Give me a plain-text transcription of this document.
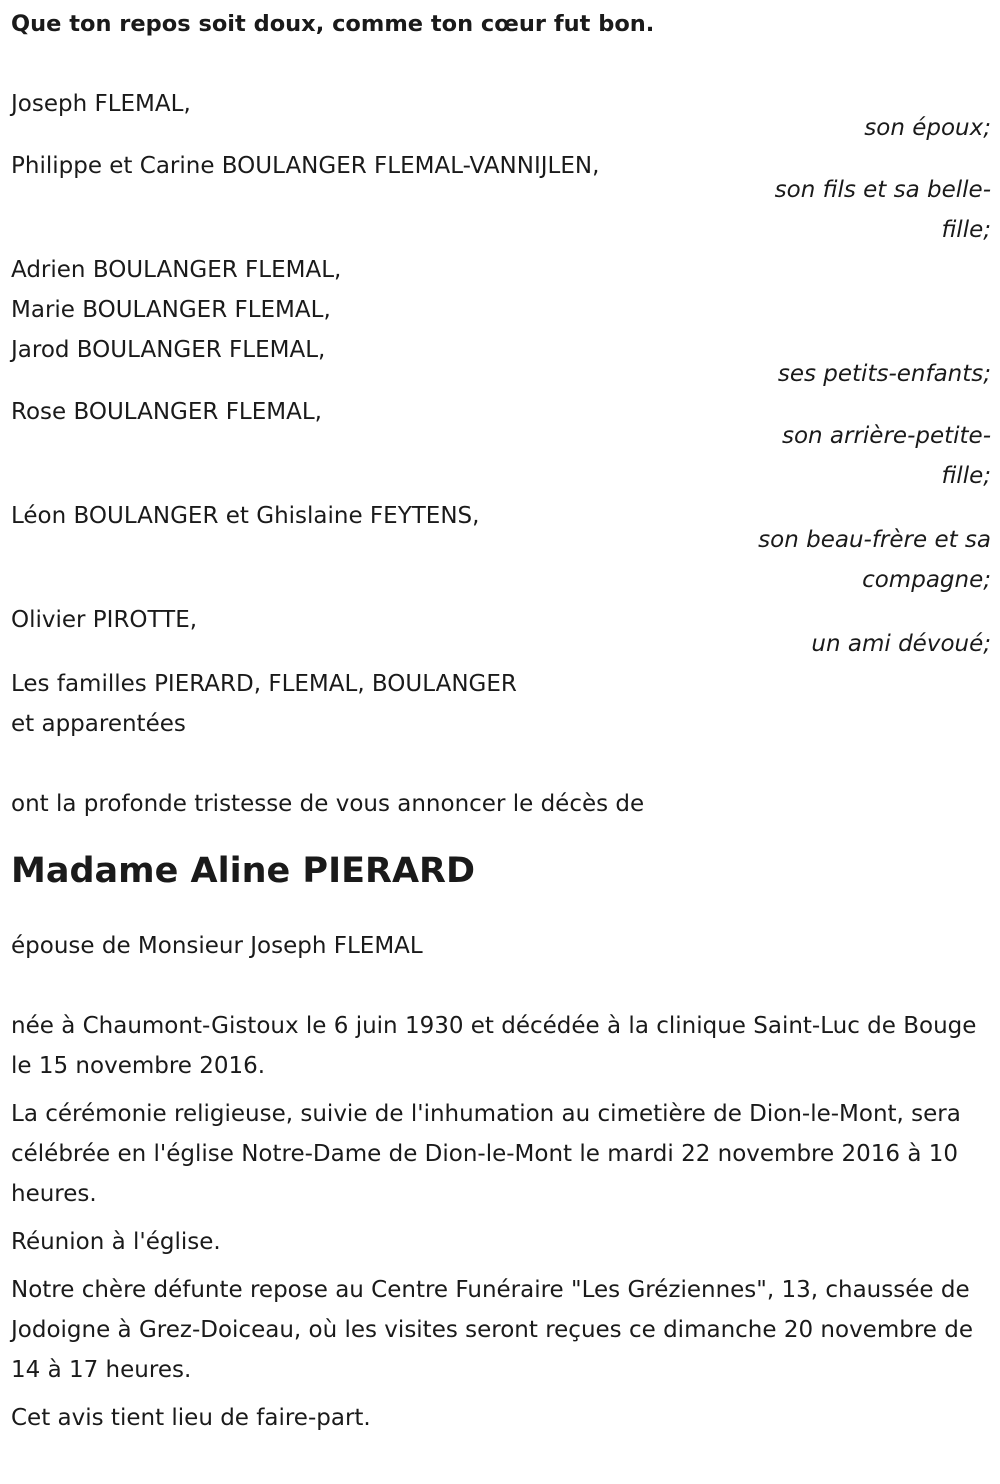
Que ton repos soit doux, comme ton cœur fut bon.

Joseph FLEMAL,
son époux;
Philippe et Carine BOULANGER FLEMAL-VANNIJLEN,
son fils et sa belle-
fille;
Adrien BOULANGER FLEMAL,
Marie BOULANGER FLEMAL,
Jarod BOULANGER FLEMAL,
ses petits-enfants;
Rose BOULANGER FLEMAL,
son arrière-petite-
fille;
Léon BOULANGER et Ghislaine FEYTENS,
son beau-frère et sa
compagne;
Olivier PIROTTE,
un ami dévoué;
Les familles PIERARD, FLEMAL, BOULANGER
et apparentées

ont la profonde tristesse de vous annoncer le décès de

Madame Aline PIERARD

épouse de Monsieur Joseph FLEMAL

née à Chaumont-Gistoux le 6 juin 1930 et décédée à la clinique Saint-Luc de Bouge le 15 novembre 2016.

La cérémonie religieuse, suivie de l'inhumation au cimetière de Dion-le-Mont, sera célébrée en l'église Notre-Dame de Dion-le-Mont le mardi 22 novembre 2016 à 10 heures.

Réunion à l'église.

Notre chère défunte repose au Centre Funéraire "Les Gréziennes", 13, chaussée de Jodoigne à Grez-Doiceau, où les visites seront reçues ce dimanche 20 novembre de 14 à 17 heures.

Cet avis tient lieu de faire-part.
